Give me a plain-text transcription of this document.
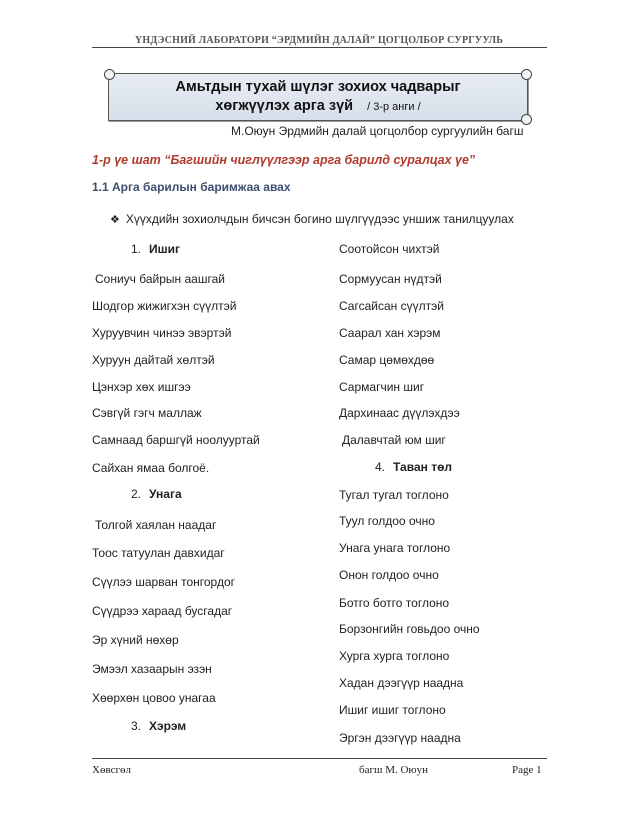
ҮНДЭСНИЙ ЛАБОРАТОРИ “ЭРДМИЙН ДАЛАЙ” ЦОГЦОЛБОР СУРГУУЛЬ
Амьтдын тухай шүлэг зохиох чадварыг
хөгжүүлэх арга зүй / 3-р анги /
М.Оюун Эрдмийн далай цогцолбор сургуулийн багш
1-р үе шат “Багшийн чиглүүлгээр арга барилд суралцах үе”
1.1 Арга барилын баримжаа авах
❖ Хүүхдийн зохиолчдын бичсэн богино шүлгүүдээс уншиж танилцуулах
1. Ишиг
Сониуч байрын аашгай
Шодгор жижигхэн сүүлтэй
Хуруувчин чинээ эвэртэй
Хуруун дайтай хөлтэй
Цэнхэр хөх ишгээ
Сэвгүй гэгч маллаж
Самнаад баршгүй ноолууртай
Сайхан ямаа болгоё.
2. Унага
Толгой хаялан наадаг
Тоос татуулан давхидаг
Сүүлээ шарван тонгордог
Сүүдрээ хараад бусгадаг
Эр хүний нөхөр
Эмээл хазаарын эзэн
Хөөрхөн цовоо унагаа
3. Хэрэм
Соотойсон чихтэй
Сормуусан нүдтэй
Сагсайсан сүүлтэй
Саарал хан хэрэм
Самар цөмөхдөө
Сармагчин шиг
Дархинаас дүүлэхдээ
Далавчтай юм шиг
4. Таван төл
Тугал тугал тоглоно
Туул голдоо очно
Унага унага тоглоно
Онон голдоо очно
Ботго ботго тоглоно
Борзонгийн говьдоо очно
Хурга хурга тоглоно
Хадан дээгүүр наадна
Ишиг ишиг тоглоно
Эргэн дээгүүр наадна
Хөвсгөл	багш М. Оюун	Page 1
